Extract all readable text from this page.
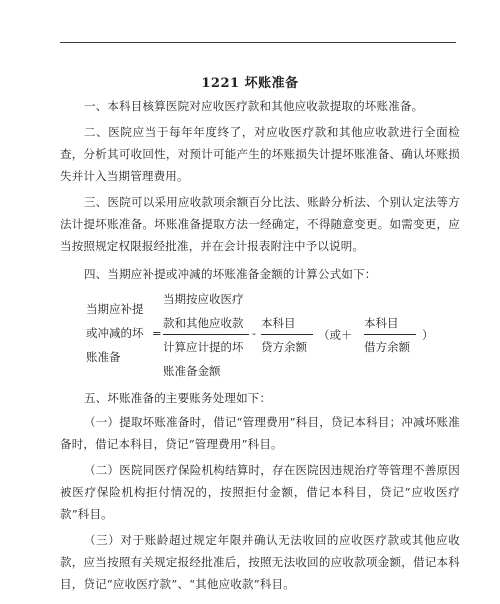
1221 坏账准备
一、本科目核算医院对应收医疗款和其他应收款提取的坏账准备。
二、医院应当于每年年度终了，对应收医疗款和其他应收款进行全面检查，分析其可收回性，对预计可能产生的坏账损失计提坏账准备、确认坏账损失并计入当期管理费用。
三、医院可以采用应收款项余额百分比法、账龄分析法、个别认定法等方法计提坏账准备。坏账准备提取方法一经确定，不得随意变更。如需变更，应当按照规定权限报经批准，并在会计报表附注中予以说明。
四、当期应补提或冲减的坏账准备金额的计算公式如下：
当期应补提
或冲减的坏
账准备
=
当期按应收医疗
款和其他应收款
计算应计提的坏
账准备金额
-
本科目
贷方余额
（或＋
本科目
借方余额
）
五、坏账准备的主要账务处理如下：
（一）提取坏账准备时，借记“管理费用”科目，贷记本科目；冲减坏账准备时，借记本科目，贷记“管理费用”科目。
（二）医院同医疗保险机构结算时，存在医院因违规治疗等管理不善原因被医疗保险机构拒付情况的，按照拒付金额，借记本科目，贷记“应收医疗款”科目。
（三）对于账龄超过规定年限并确认无法收回的应收医疗款或其他应收款，应当按照有关规定报经批准后，按照无法收回的应收款项金额，借记本科目，贷记“应收医疗款”、“其他应收款”科目。
